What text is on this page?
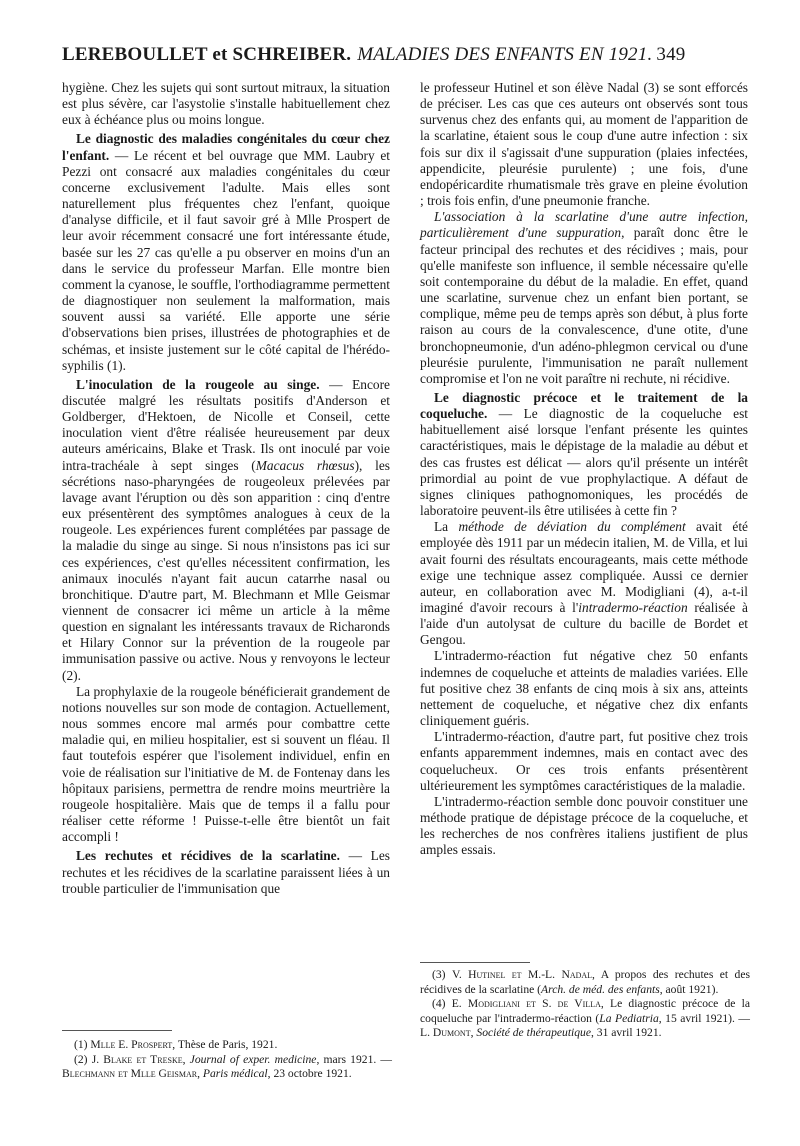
LEREBOULLET et SCHREIBER. MALADIES DES ENFANTS EN 1921. 349

hygiène. Chez les sujets qui sont surtout mitraux, la situation est plus sévère, car l'asystolie s'installe habituellement chez eux à échéance plus ou moins longue.

Le diagnostic des maladies congénitales du cœur chez l'enfant. — Le récent et bel ouvrage que MM. Laubry et Pezzi ont consacré aux maladies congénitales du cœur concerne exclusivement l'adulte. Mais elles sont naturellement plus fréquentes chez l'enfant, quoique d'analyse difficile, et il faut savoir gré à Mlle Prospert de leur avoir récemment consacré une fort intéressante étude, basée sur les 27 cas qu'elle a pu observer en moins d'un an dans le service du professeur Marfan. Elle montre bien comment la cyanose, le souffle, l'orthodiagramme permettent de diagnostiquer non seulement la malformation, mais souvent aussi sa variété. Elle apporte une série d'observations bien prises, illustrées de photographies et de schémas, et insiste justement sur le côté capital de l'hérédo-syphilis (1).

L'inoculation de la rougeole au singe. — Encore discutée malgré les résultats positifs d'Anderson et Goldberger, d'Hektoen, de Nicolle et Conseil, cette inoculation vient d'être réalisée heureusement par deux auteurs américains, Blake et Trask. Ils ont inoculé par voie intra-trachéale à sept singes (Macacus rhœsus), les sécrétions naso-pharyngées de rougeoleux prélevées par lavage avant l'éruption ou dès son apparition : cinq d'entre eux présentèrent des symptômes analogues à ceux de la rougeole. Les expériences furent complétées par passage de la maladie du singe au singe. Si nous n'insistons pas ici sur ces expériences, c'est qu'elles nécessitent confirmation, les animaux inoculés n'ayant fait aucun catarrhe nasal ou bronchitique. D'autre part, M. Blechmann et Mlle Geismar viennent de consacrer ici même un article à la même question en signalant les intéressants travaux de Richaronds et Hilary Connor sur la prévention de la rougeole par immunisation passive ou active. Nous y renvoyons le lecteur (2).

La prophylaxie de la rougeole bénéficierait grandement de notions nouvelles sur son mode de contagion. Actuellement, nous sommes encore mal armés pour combattre cette maladie qui, en milieu hospitalier, est si souvent un fléau. Il faut toutefois espérer que l'isolement individuel, enfin en voie de réalisation sur l'initiative de M. de Fontenay dans les hôpitaux parisiens, permettra de rendre moins meurtrière la rougeole hospitalière. Mais que de temps il a fallu pour réaliser cette réforme ! Puisse-t-elle être bientôt un fait accompli !

Les rechutes et récidives de la scarlatine. — Les rechutes et les récidives de la scarlatine paraissent liées à un trouble particulier de l'immunisation que

le professeur Hutinel et son élève Nadal (3) se sont efforcés de préciser. Les cas que ces auteurs ont observés sont tous survenus chez des enfants qui, au moment de l'apparition de la scarlatine, étaient sous le coup d'une autre infection : six fois sur dix il s'agissait d'une suppuration (plaies infectées, appendicite, pleurésie purulente) ; une fois, d'une endopéricardite rhumatismale très grave en pleine évolution ; trois fois enfin, d'une pneumonie franche.

L'association à la scarlatine d'une autre infection, particulièrement d'une suppuration, paraît donc être le facteur principal des rechutes et des récidives ; mais, pour qu'elle manifeste son influence, il semble nécessaire qu'elle soit contemporaine du début de la maladie. En effet, quand une scarlatine, survenue chez un enfant bien portant, se complique, même peu de temps après son début, à plus forte raison au cours de la convalescence, d'une otite, d'une bronchopneumonie, d'un adéno-phlegmon cervical ou d'une pleurésie purulente, l'immunisation ne paraît nullement compromise et l'on ne voit paraître ni rechute, ni récidive.

Le diagnostic précoce et le traitement de la coqueluche. — Le diagnostic de la coqueluche est habituellement aisé lorsque l'enfant présente les quintes caractéristiques, mais le dépistage de la maladie au début et des cas frustes est délicat — alors qu'il présente un intérêt primordial au point de vue prophylactique. A défaut de signes cliniques pathognomoniques, les procédés de laboratoire peuvent-ils être utilisées à cette fin ?

La méthode de déviation du complément avait été employée dès 1911 par un médecin italien, M. de Villa, et lui avait fourni des résultats encourageants, mais cette méthode exige une technique assez compliquée. Aussi ce dernier auteur, en collaboration avec M. Modigliani (4), a-t-il imaginé d'avoir recours à l'intradermo-réaction réalisée à l'aide d'un autolysat de culture du bacille de Bordet et Gengou.

L'intradermo-réaction fut négative chez 50 enfants indemnes de coqueluche et atteints de maladies variées. Elle fut positive chez 38 enfants de cinq mois à six ans, atteints nettement de coqueluche, et négative chez dix enfants cliniquement guéris.

L'intradermo-réaction, d'autre part, fut positive chez trois enfants apparemment indemnes, mais en contact avec des coquelucheux. Or ces trois enfants présentèrent ultérieurement les symptômes caractéristiques de la maladie.

L'intradermo-réaction semble donc pouvoir constituer une méthode pratique de dépistage précoce de la coqueluche, et les recherches de nos confrères italiens justifient de plus amples essais.

(1) Mlle E. Prospert, Thèse de Paris, 1921.

(2) J. Blake et Treske, Journal of exper. medicine, mars 1921. — Blechmann et Mlle Geismar, Paris médical, 23 octobre 1921.

(3) V. Hutinel et M.-L. Nadal, A propos des rechutes et des récidives de la scarlatine (Arch. de méd. des enfants, août 1921).

(4) E. Modigliani et S. de Villa, Le diagnostic précoce de la coqueluche par l'intradermo-réaction (La Pediatria, 15 avril 1921). — L. Dumont, Société de thérapeutique, 31 avril 1921.
